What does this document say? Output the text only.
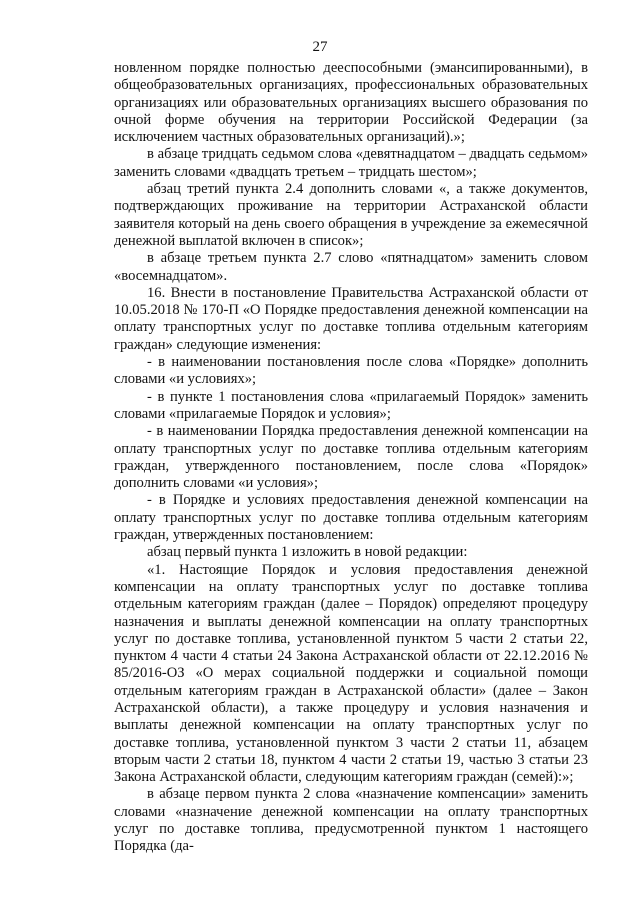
27

новленном порядке полностью дееспособными (эмансипированными), в общеобразовательных организациях, профессиональных образовательных организациях или образовательных организациях высшего образования по очной форме обучения на территории Российской Федерации (за исключением частных образовательных организаций).»;

в абзаце тридцать седьмом слова «девятнадцатом – двадцать седьмом» заменить словами «двадцать третьем – тридцать шестом»;

абзац третий пункта 2.4 дополнить словами «, а также документов, подтверждающих проживание на территории Астраханской области заявителя который на день своего обращения в учреждение за ежемесячной денежной выплатой включен в список»;

в абзаце третьем пункта 2.7 слово «пятнадцатом» заменить словом «восемнадцатом».

16. Внести в постановление Правительства Астраханской области от 10.05.2018 № 170-П «О Порядке предоставления денежной компенсации на оплату транспортных услуг по доставке топлива отдельным категориям граждан» следующие изменения:

- в наименовании постановления после слова «Порядке» дополнить словами «и условиях»;

- в пункте 1 постановления слова «прилагаемый Порядок» заменить словами «прилагаемые Порядок и условия»;

- в наименовании Порядка предоставления денежной компенсации на оплату транспортных услуг по доставке топлива отдельным категориям граждан, утвержденного постановлением, после слова «Порядок» дополнить словами «и условия»;

- в Порядке и условиях предоставления денежной компенсации на оплату транспортных услуг по доставке топлива отдельным категориям граждан, утвержденных постановлением:

абзац первый пункта 1 изложить в новой редакции:

«1. Настоящие Порядок и условия предоставления денежной компенсации на оплату транспортных услуг по доставке топлива отдельным категориям граждан (далее – Порядок) определяют процедуру назначения и выплаты денежной компенсации на оплату транспортных услуг по доставке топлива, установленной пунктом 5 части 2 статьи 22, пунктом 4 части 4 статьи 24 Закона Астраханской области от 22.12.2016 № 85/2016-ОЗ «О мерах социальной поддержки и социальной помощи отдельным категориям граждан в Астраханской области» (далее – Закон Астраханской области), а также процедуру и условия назначения и выплаты денежной компенсации на оплату транспортных услуг по доставке топлива, установленной пунктом 3 части 2 статьи 11, абзацем вторым части 2 статьи 18, пунктом 4 части 2 статьи 19, частью 3 статьи 23 Закона Астраханской области, следующим категориям граждан (семей):»;

в абзаце первом пункта 2 слова «назначение компенсации» заменить словами «назначение денежной компенсации на оплату транспортных услуг по доставке топлива, предусмотренной пунктом 1 настоящего Порядка (да-
